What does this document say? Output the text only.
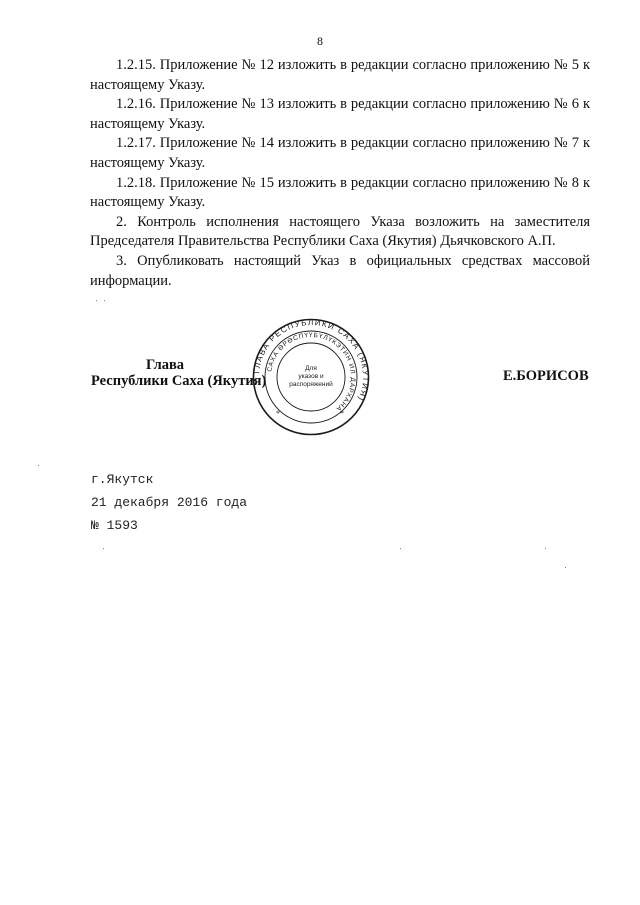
8

1.2.15. Приложение № 12 изложить в редакции согласно приложению № 5 к настоящему Указу.

1.2.16. Приложение № 13 изложить в редакции согласно приложению № 6 к настоящему Указу.

1.2.17. Приложение № 14 изложить в редакции согласно приложению № 7 к настоящему Указу.

1.2.18. Приложение № 15 изложить в редакции согласно приложению № 8 к настоящему Указу.

2. Контроль исполнения настоящего Указа возложить на заместителя Председателя Правительства Республики Саха (Якутия) Дьячковского А.П.

3. Опубликовать настоящий Указ в официальных средствах массовой информации.

Глава
Республики Саха (Якутия)	Е.БОРИСОВ
ГЛАВА РЕСПУБЛИКИ САХА (ЯКУТИЯ)
САХА ӨРӨСПҮҮБҮЛҮКЭТИН ИЛ ДАРХАНА
Для
указов и
распоряжений
*	*
г.Якутск
21 декабря 2016 года
№ 1593
